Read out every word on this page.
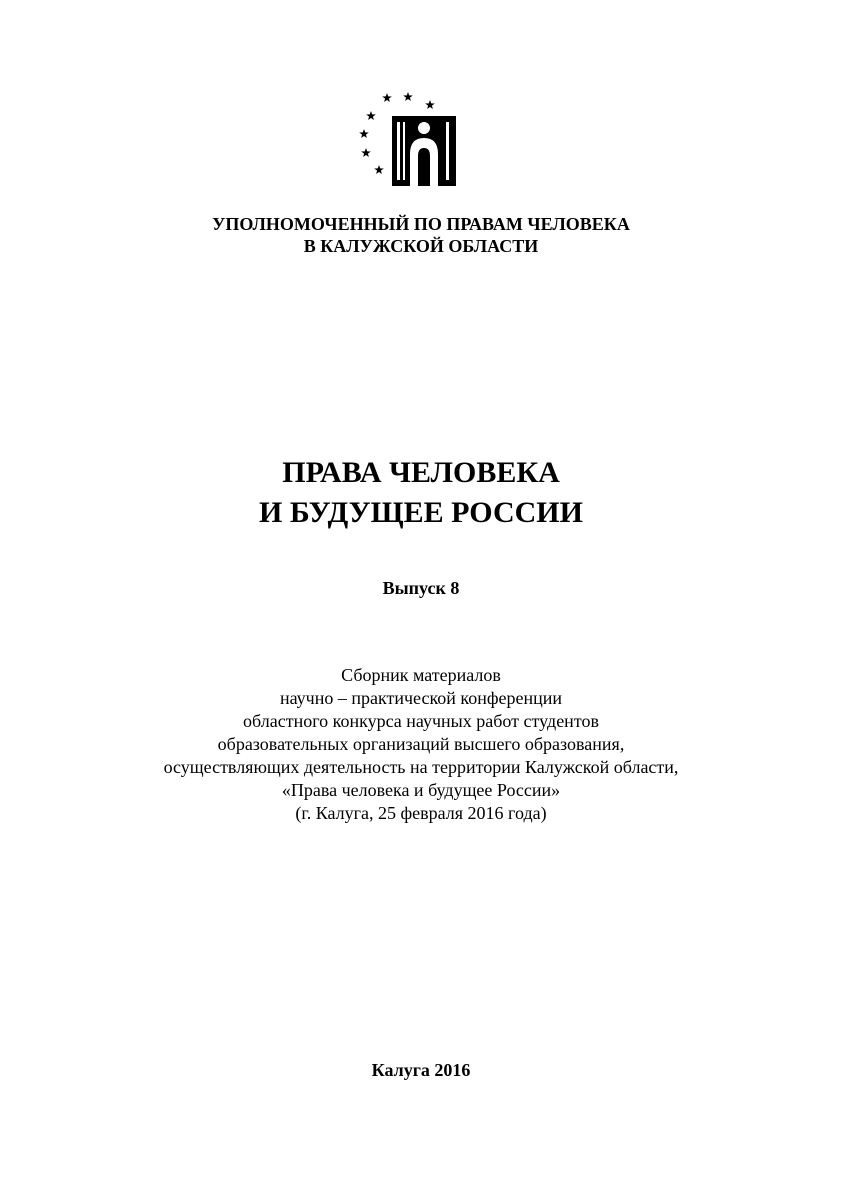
УПОЛНОМОЧЕННЫЙ ПО ПРАВАМ ЧЕЛОВЕКА
В КАЛУЖСКОЙ ОБЛАСТИ
ПРАВА ЧЕЛОВЕКА
И БУДУЩЕЕ РОССИИ
Выпуск 8
Сборник материалов
научно – практической конференции
областного конкурса научных работ студентов
образовательных организаций высшего образования,
осуществляющих деятельность на территории Калужской области,
«Права человека и будущее России»
(г. Калуга, 25 февраля 2016 года)
Калуга 2016
